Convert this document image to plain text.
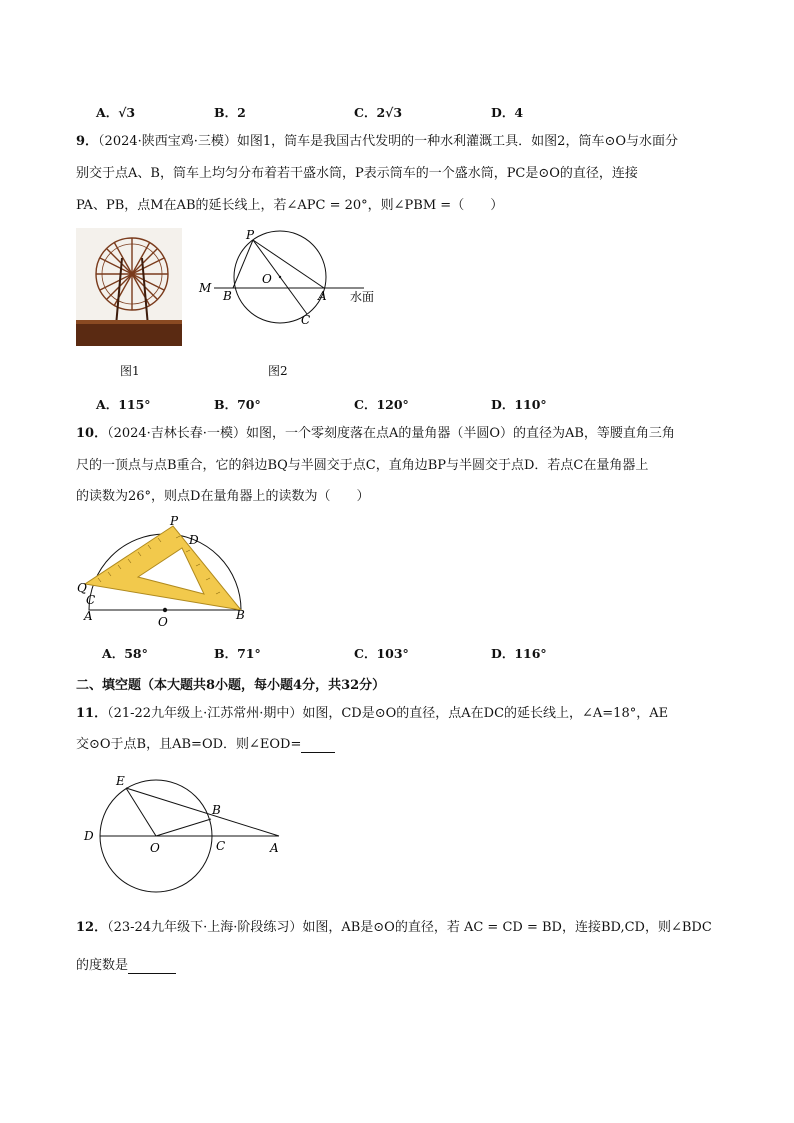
A．√3	B．2	C．2√3	D．4
9．（2024·陕西宝鸡·三模）如图1，筒车是我国古代发明的一种水利灌溉工具．如图2，筒车⊙O与水面分
别交于点A、B，筒车上均匀分布着若干盛水筒，P表示筒车的一个盛水筒，PC是⊙O的直径，连接
PA、PB，点M在AB的延长线上，若∠APC = 20°，则∠PBM =（　　）
P
O
M
B	A
C
水面
图1	图2
A．115°	B．70°	C．120°	D．110°
10．（2024·吉林长春·一模）如图，一个零刻度落在点A的量角器（半圆O）的直径为AB，等腰直角三角
尺的一顶点与点B重合，它的斜边BQ与半圆交于点C，直角边BP与半圆交于点D．若点C在量角器上
的读数为26°，则点D在量角器上的读数为（　　）
P
D
Q
C
A	O	B
A．58°	B．71°	C．103°	D．116°
二、填空题（本大题共8小题，每小题4分，共32分）
11．（21-22九年级上·江苏常州·期中）如图，CD是⊙O的直径，点A在DC的延长线上，∠A=18°，AE
交⊙O于点B，且AB=OD．则∠EOD=
E
B
D
O	C	A
12．（23-24九年级下·上海·阶段练习）如图，AB是⊙O的直径，若 AC = CD = BD，连接BD,CD，则∠BDC
的度数是
